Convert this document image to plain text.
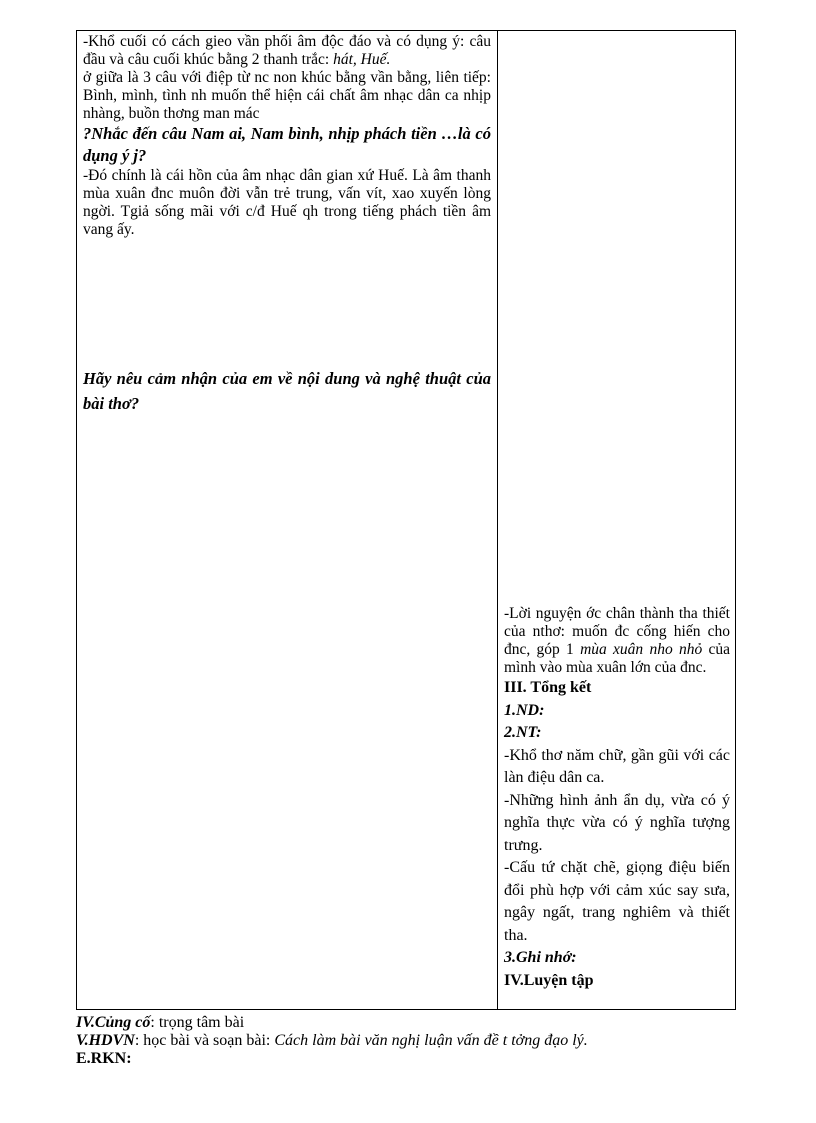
-Khổ cuối có cách gieo vần phối âm độc đáo và có dụng ý: câu đầu và câu cuối khúc bằng 2 thanh trắc: hát, Huế.

ở giữa là 3 câu với điệp từ nc non khúc bằng vần bằng, liên tiếp: Bình, mình, tình nh muốn thể hiện cái chất âm nhạc dân ca nhịp nhàng, buồn thơng man mác

?Nhắc đến câu Nam ai, Nam bình, nhịp phách tiền …là có dụng ý j?

-Đó chính là cái hồn của âm nhạc dân gian xứ Huế. Là âm thanh mùa xuân đnc muôn đời vẫn trẻ trung, vấn vít, xao xuyến lòng ngời. Tgiả sống mãi với c/đ Huế qh trong tiếng phách tiền âm vang ấy.

Hãy nêu cảm nhận của em về nội dung và nghệ thuật của bài thơ?

-Lời nguyện ớc chân thành tha thiết của nthơ: muốn đc cống hiến cho đnc, góp 1 mùa xuân nho nhỏ của mình vào mùa xuân lớn của đnc.

III. Tổng kết

1.ND:

2.NT:

-Khổ thơ năm chữ, gần gũi với các làn điệu dân ca.

-Những hình ảnh ẩn dụ, vừa có ý nghĩa thực vừa có ý nghĩa tượng trưng.

-Cấu tứ chặt chẽ, giọng điệu biến đổi phù hợp với cảm xúc say sưa, ngây ngất, trang nghiêm và thiết tha.

3.Ghi nhớ:

IV.Luyện tập

IV.Củng cố: trọng tâm bài

V.HDVN: học bài và soạn bài: Cách làm bài văn nghị luận vấn đề t tởng đạo lý.

E.RKN:
